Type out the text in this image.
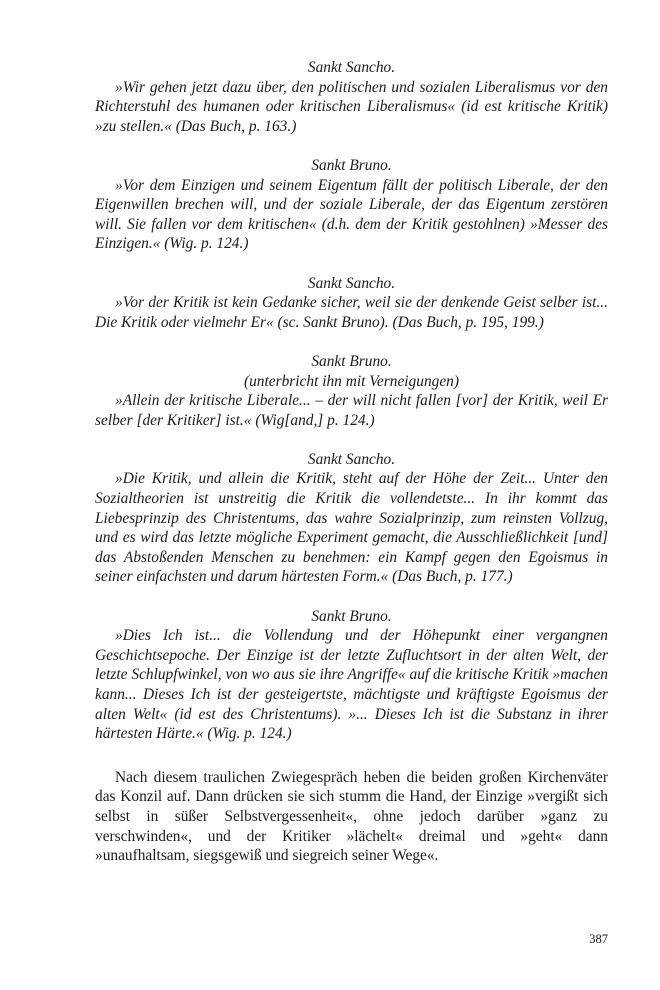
Sankt Sancho.

»Wir gehen jetzt dazu über, den politischen und sozialen Liberalismus vor den Richterstuhl des humanen oder kritischen Liberalismus« (id est kritische Kritik) »zu stellen.« (Das Buch, p. 163.)

Sankt Bruno.

»Vor dem Einzigen und seinem Eigentum fällt der politisch Liberale, der den Eigenwillen brechen will, und der soziale Liberale, der das Eigentum zerstören will. Sie fallen vor dem kritischen« (d.h. dem der Kritik gestohlnen) »Messer des Einzigen.« (Wig. p. 124.)

Sankt Sancho.

»Vor der Kritik ist kein Gedanke sicher, weil sie der denkende Geist selber ist... Die Kritik oder vielmehr Er« (sc. Sankt Bruno). (Das Buch, p. 195, 199.)

Sankt Bruno.

(unterbricht ihn mit Verneigungen)

»Allein der kritische Liberale... – der will nicht fallen [vor] der Kritik, weil Er selber [der Kritiker] ist.« (Wig[and,] p. 124.)

Sankt Sancho.

»Die Kritik, und allein die Kritik, steht auf der Höhe der Zeit... Unter den Sozialtheorien ist unstreitig die Kritik die vollendetste... In ihr kommt das Liebesprinzip des Christentums, das wahre Sozialprinzip, zum reinsten Vollzug, und es wird das letzte mögliche Experiment gemacht, die Ausschließlichkeit [und] das Abstoßenden Menschen zu benehmen: ein Kampf gegen den Egoismus in seiner einfachsten und darum härtesten Form.« (Das Buch, p. 177.)

Sankt Bruno.

»Dies Ich ist... die Vollendung und der Höhepunkt einer vergangnen Geschichtsepoche. Der Einzige ist der letzte Zufluchtsort in der alten Welt, der letzte Schlupfwinkel, von wo aus sie ihre Angriffe« auf die kritische Kritik »machen kann... Dieses Ich ist der gesteigertste, mächtigste und kräftigste Egoismus der alten Welt« (id est des Christentums). »... Dieses Ich ist die Substanz in ihrer härtesten Härte.« (Wig. p. 124.)

Nach diesem traulichen Zwiegespräch heben die beiden großen Kirchenväter das Konzil auf. Dann drücken sie sich stumm die Hand, der Einzige »vergißt sich selbst in süßer Selbstvergessenheit«, ohne jedoch darüber »ganz zu verschwinden«, und der Kritiker »lächelt« dreimal und »geht« dann »unaufhaltsam, siegsgewiß und siegreich seiner Wege«.

387
